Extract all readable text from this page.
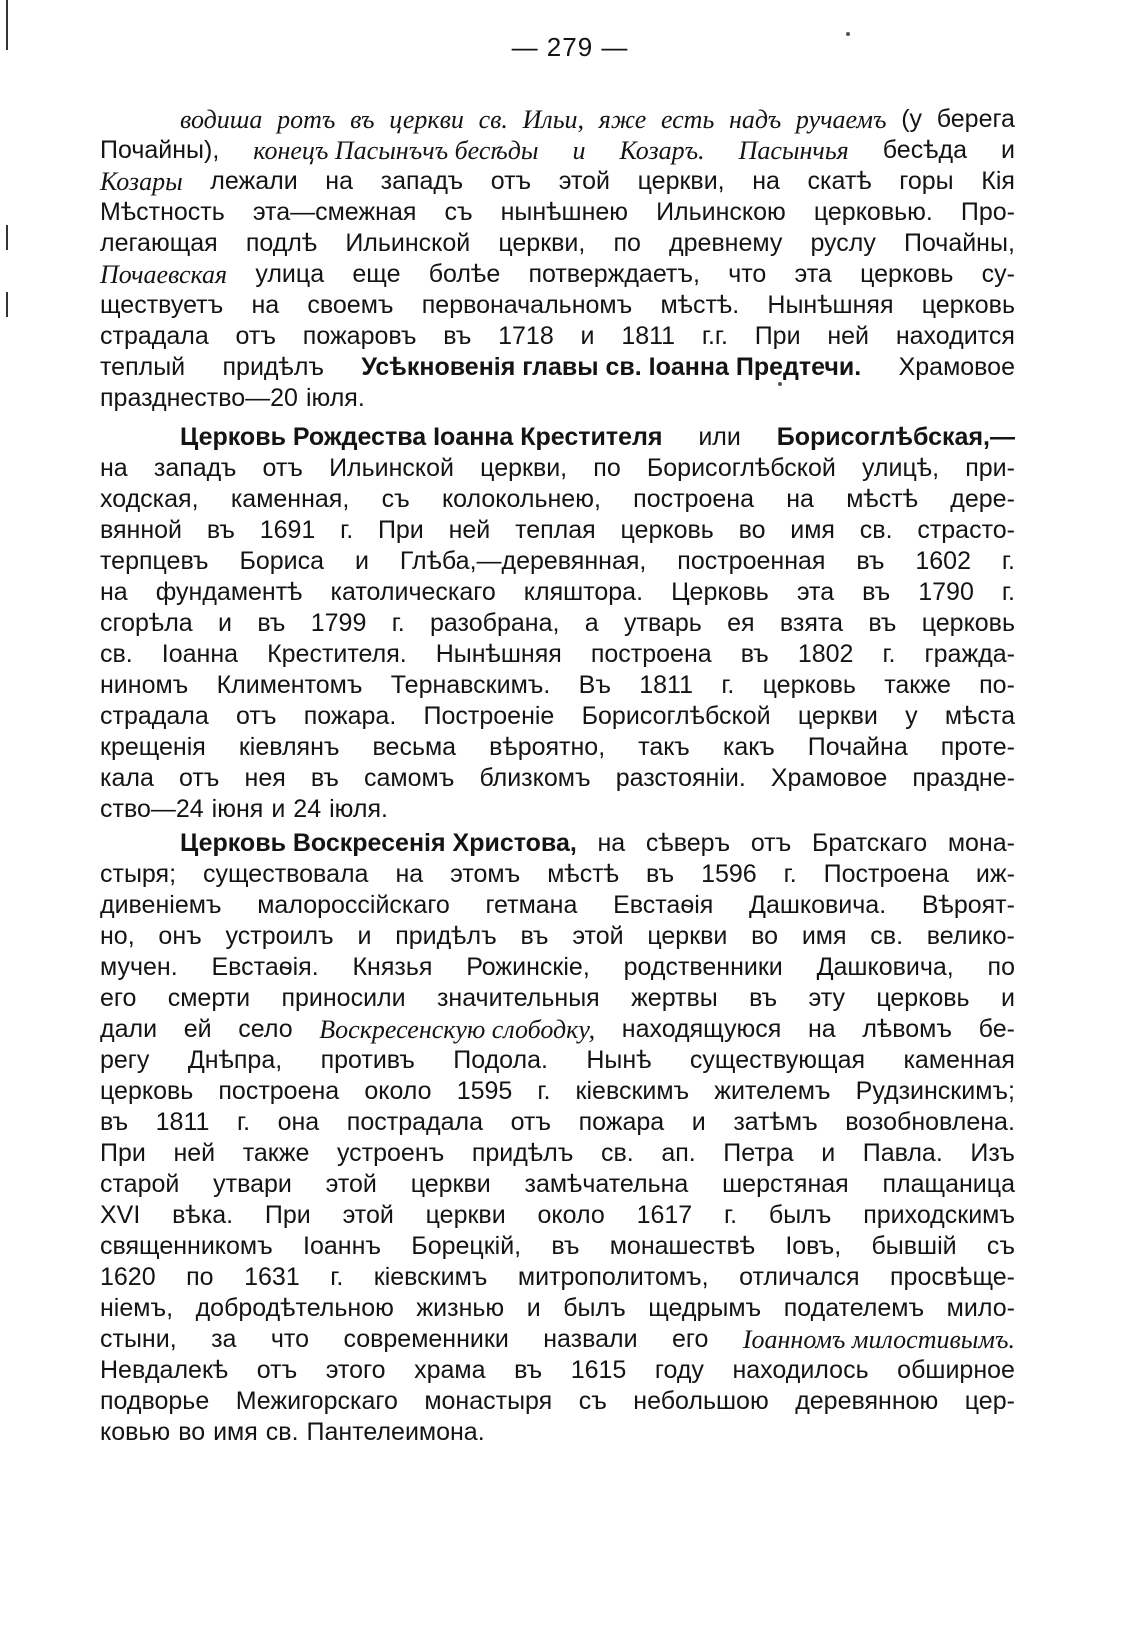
— 279 —
водиша ротъ въ церкви св. Ильи, яже есть надъ ручаемъ (у берега
Почайны), конецъ Пасынъчъ бесѣды и Козаръ. Пасынчья бесѣда и
Козары лежали на западъ отъ этой церкви, на скатѣ горы Кія
Мѣстность эта—смежная съ нынѣшнею Ильинскою церковью. Про-
легающая подлѣ Ильинской церкви, по древнему руслу Почайны,
Почаевская улица еще болѣе потверждаетъ, что эта церковь су-
ществуетъ на своемъ первоначальномъ мѣстѣ. Нынѣшняя церковь
страдала отъ пожаровъ въ 1718 и 1811 г.г. При ней находится
теплый придѣлъ Усѣкновенія главы св. Іоанна Предтечи. Храмовое
празднество—20 іюля.
Церковь Рождества Іоанна Крестителя или Борисоглѣбская,—
на западъ отъ Ильинской церкви, по Борисоглѣбской улицѣ, при-
ходская, каменная, съ колокольнею, построена на мѣстѣ дере-
вянной въ 1691 г. При ней теплая церковь во имя св. страсто-
терпцевъ Бориса и Глѣба,—деревянная, построенная въ 1602 г.
на фундаментѣ католическаго кляштора. Церковь эта въ 1790 г.
сгорѣла и въ 1799 г. разобрана, а утварь ея взята въ церковь
св. Іоанна Крестителя. Нынѣшняя построена въ 1802 г. гражда-
ниномъ Климентомъ Тернавскимъ. Въ 1811 г. церковь также по-
страдала отъ пожара. Построеніе Борисоглѣбской церкви у мѣста
крещенія кіевлянъ весьма вѣроятно, такъ какъ Почайна проте-
кала отъ нея въ самомъ близкомъ разстояніи. Храмовое праздне-
ство—24 іюня и 24 іюля.
Церковь Воскресенія Христова, на сѣверъ отъ Братскаго мона-
стыря; существовала на этомъ мѣстѣ въ 1596 г. Построена иж-
дивеніемъ малороссійскаго гетмана Евстаѳія Дашковича. Вѣроят-
но, онъ устроилъ и придѣлъ въ этой церкви во имя св. велико-
мучен. Евстаѳія. Князья Рожинскіе, родственники Дашковича, по
его смерти приносили значительныя жертвы въ эту церковь и
дали ей село Воскресенскую слободку, находящуюся на лѣвомъ бе-
регу Днѣпра, противъ Подола. Нынѣ существующая каменная
церковь построена около 1595 г. кіевскимъ жителемъ Рудзинскимъ;
въ 1811 г. она пострадала отъ пожара и затѣмъ возобновлена.
При ней также устроенъ придѣлъ св. ап. Петра и Павла. Изъ
старой утвари этой церкви замѣчательна шерстяная плащаница
XVI вѣка. При этой церкви около 1617 г. былъ приходскимъ
священникомъ Іоаннъ Борецкій, въ монашествѣ Іовъ, бывшій съ
1620 по 1631 г. кіевскимъ митрополитомъ, отличался просвѣще-
ніемъ, добродѣтельною жизнью и былъ щедрымъ подателемъ мило-
стыни, за что современники назвали его Іоанномъ милостивымъ.
Невдалекѣ отъ этого храма въ 1615 году находилось обширное
подворье Межигорскаго монастыря съ небольшою деревянною цер-
ковью во имя св. Пантелеимона.
